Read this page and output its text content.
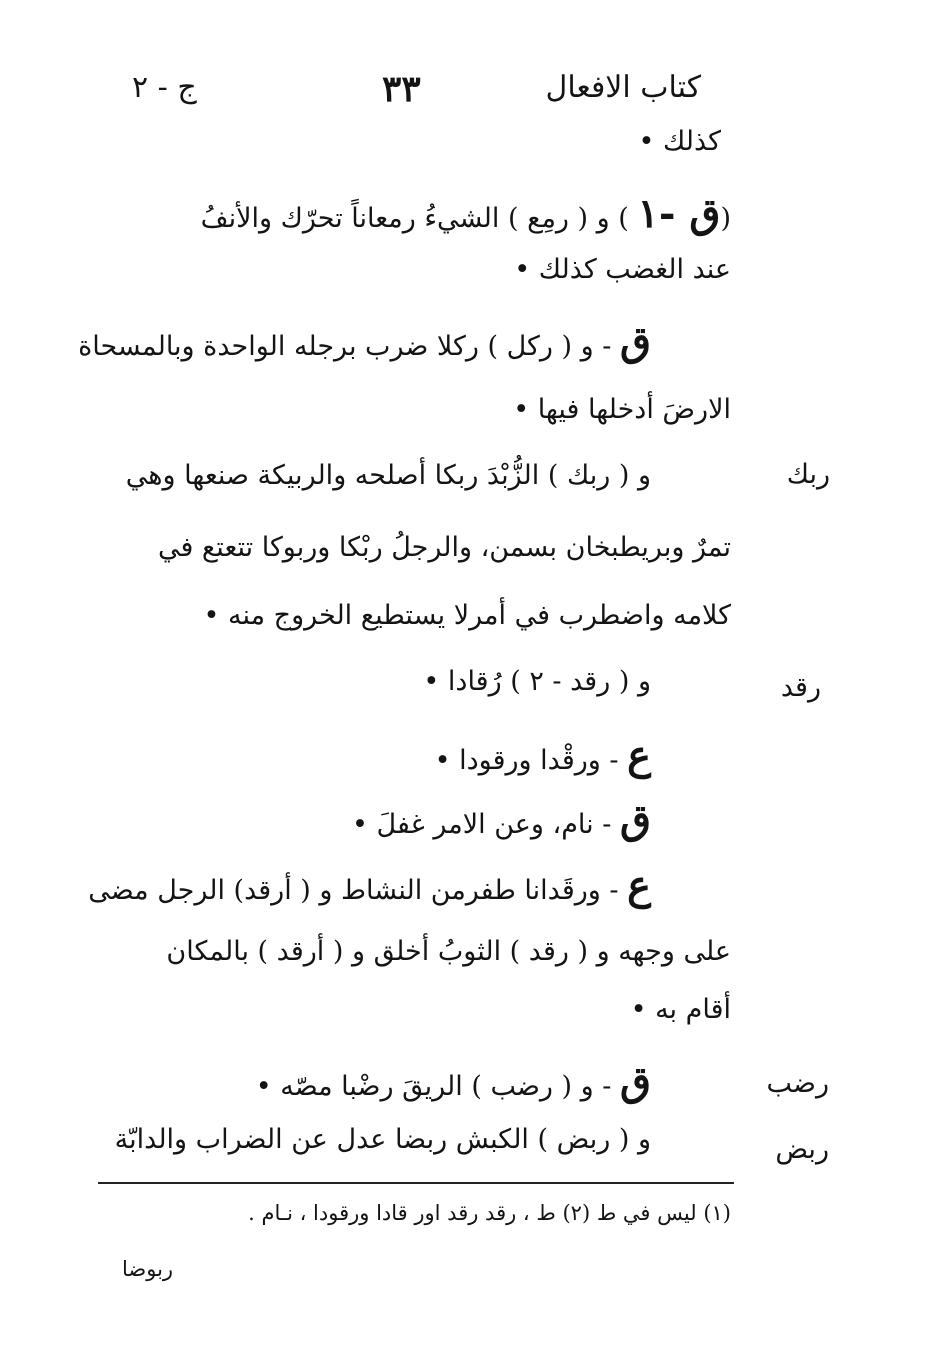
كتاب الافعال
٣٣
ج - ٢
كذلك •
(ق -١ ) و ( رمِع ) الشيءُ رمعاناً تحرّك والأنفُ
عند الغضب كذلك •
ق - و ( ركل ) ركلا ضرب برجله الواحدة وبالمسحاة
الارضَ أدخلها فيها •
ربك
و ( ربك ) الزُّبْدَ ربكا أصلحه والربيكة صنعها وهي
تمرٌ وبريطبخان بسمن، والرجلُ ربْكا وربوكا تتعتع في
كلامه واضطرب في أمرلا يستطيع الخروج منه •
رقد
و ( رقد - ٢ ) رُقادا •
ع - ورقْدا ورقودا •
ق - نام، وعن الامر غفلَ •
ع - ورقَدانا طفرمن النشاط و ( أرقد) الرجل مضى
على وجهه و ( رقد ) الثوبُ أخلق و ( أرقد ) بالمكان
أقام به •
رضب
ق - و ( رضب ) الريقَ رضْبا مصّه •
ربض
و ( ربض ) الكبش ربضا عدل عن الضراب والدابّة
(١) ليس في ط (٢) ط ، رقد رقد اور قادا ورقودا ، نـام .
ربوضا
